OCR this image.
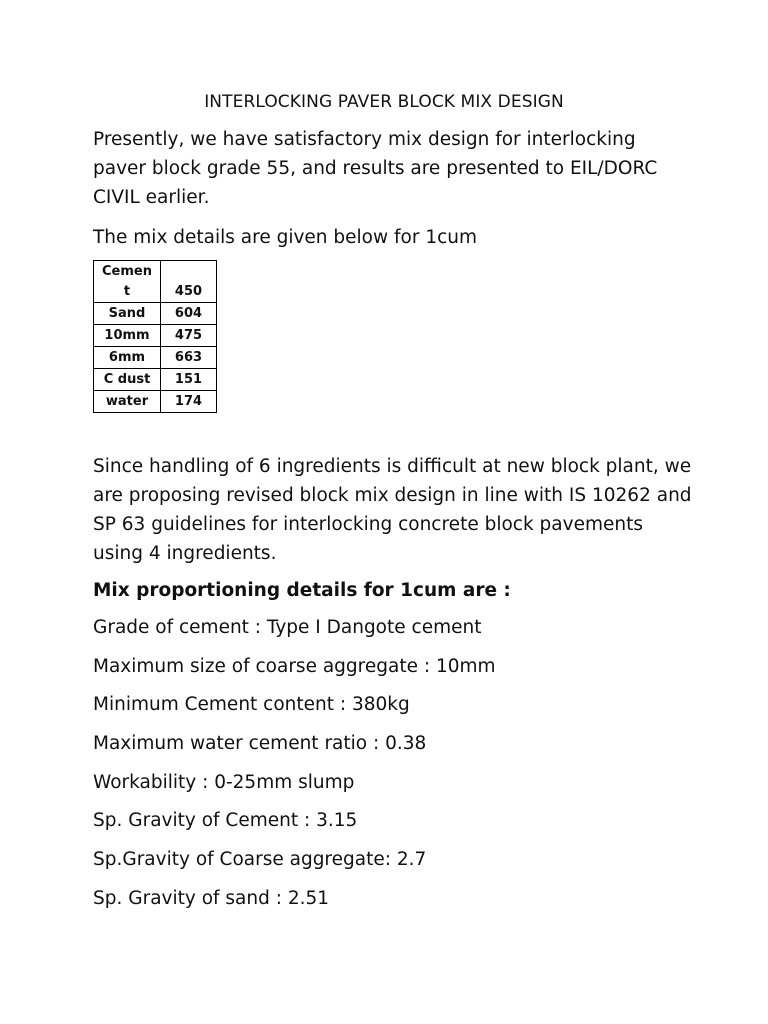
INTERLOCKING PAVER BLOCK MIX DESIGN

Presently, we have satisfactory mix design for interlocking paver block grade 55, and results are presented to EIL/DORC CIVIL earlier.

The mix details are given below for 1cum

Cemen
t	450
Sand	604
10mm	475
6mm	663
C dust	151
water	174

Since handling of 6 ingredients is difficult at new block plant, we are proposing revised block mix design in line with IS 10262 and SP 63 guidelines for interlocking concrete block pavements using 4 ingredients.

Mix proportioning details for 1cum are :

Grade of cement : Type I Dangote cement

Maximum size of coarse aggregate : 10mm

Minimum Cement content : 380kg

Maximum water cement ratio : 0.38

Workability : 0-25mm slump

Sp. Gravity of Cement : 3.15

Sp.Gravity of Coarse aggregate: 2.7

Sp. Gravity of sand : 2.51
